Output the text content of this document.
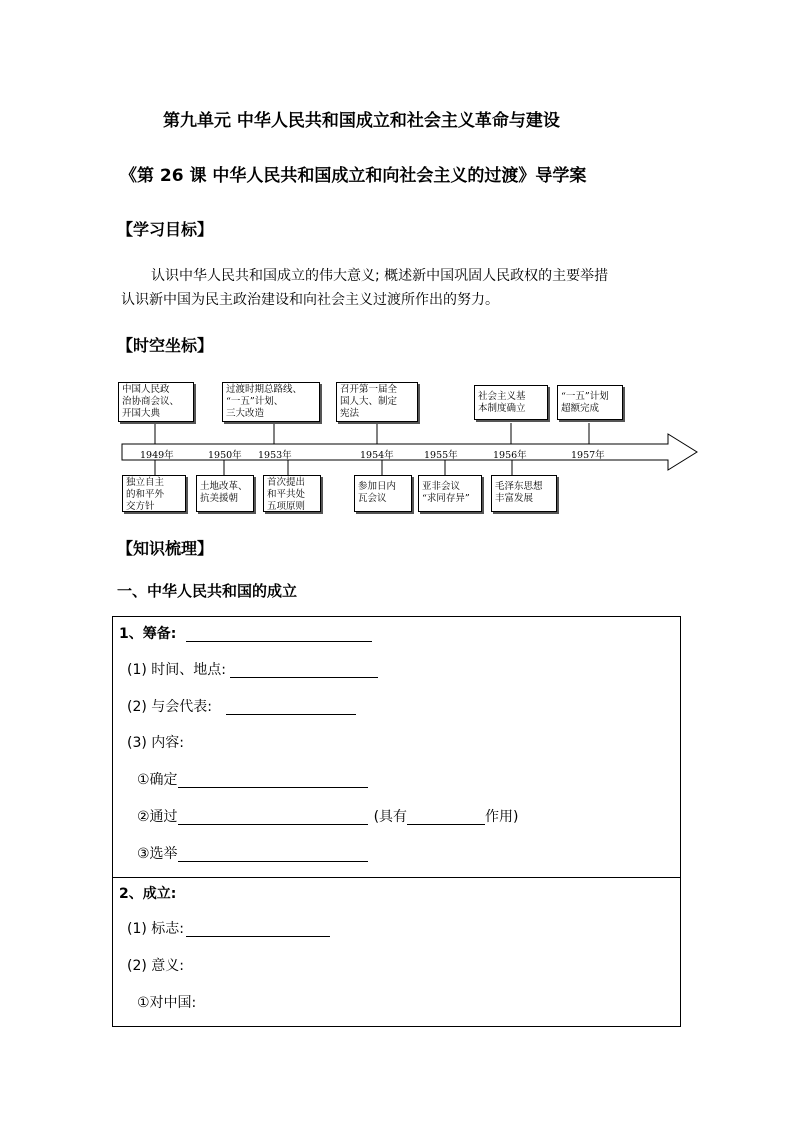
第九单元 中华人民共和国成立和社会主义革命与建设
《第 26 课 中华人民共和国成立和向社会主义的过渡》导学案
【学习目标】
认识中华人民共和国成立的伟大意义; 概述新中国巩固人民政权的主要举措
认识新中国为民主政治建设和向社会主义过渡所作出的努力。
【时空坐标】
1949年	1950年 1953年	1954年	1955年	1956年	1957年
中国人民政
治协商会议、
开国大典
过渡时期总路线、
“一五”计划、
三大改造
召开第一届全
国人大、制定
宪法
社会主义基
本制度确立
“一五”计划
超额完成
独立自主
的和平外
交方针
土地改革、
抗美援朝
首次提出
和平共处
五项原则
参加日内
瓦会议
亚非会议
“求同存异”
毛泽东思想
丰富发展
【知识梳理】
一、中华人民共和国的成立
1、筹备:
(1) 时间、地点:
(2) 与会代表:
(3) 内容:
①确定
②通过	(具有	作用)
③选举
2、成立:
(1) 标志:
(2) 意义:
①对中国:
